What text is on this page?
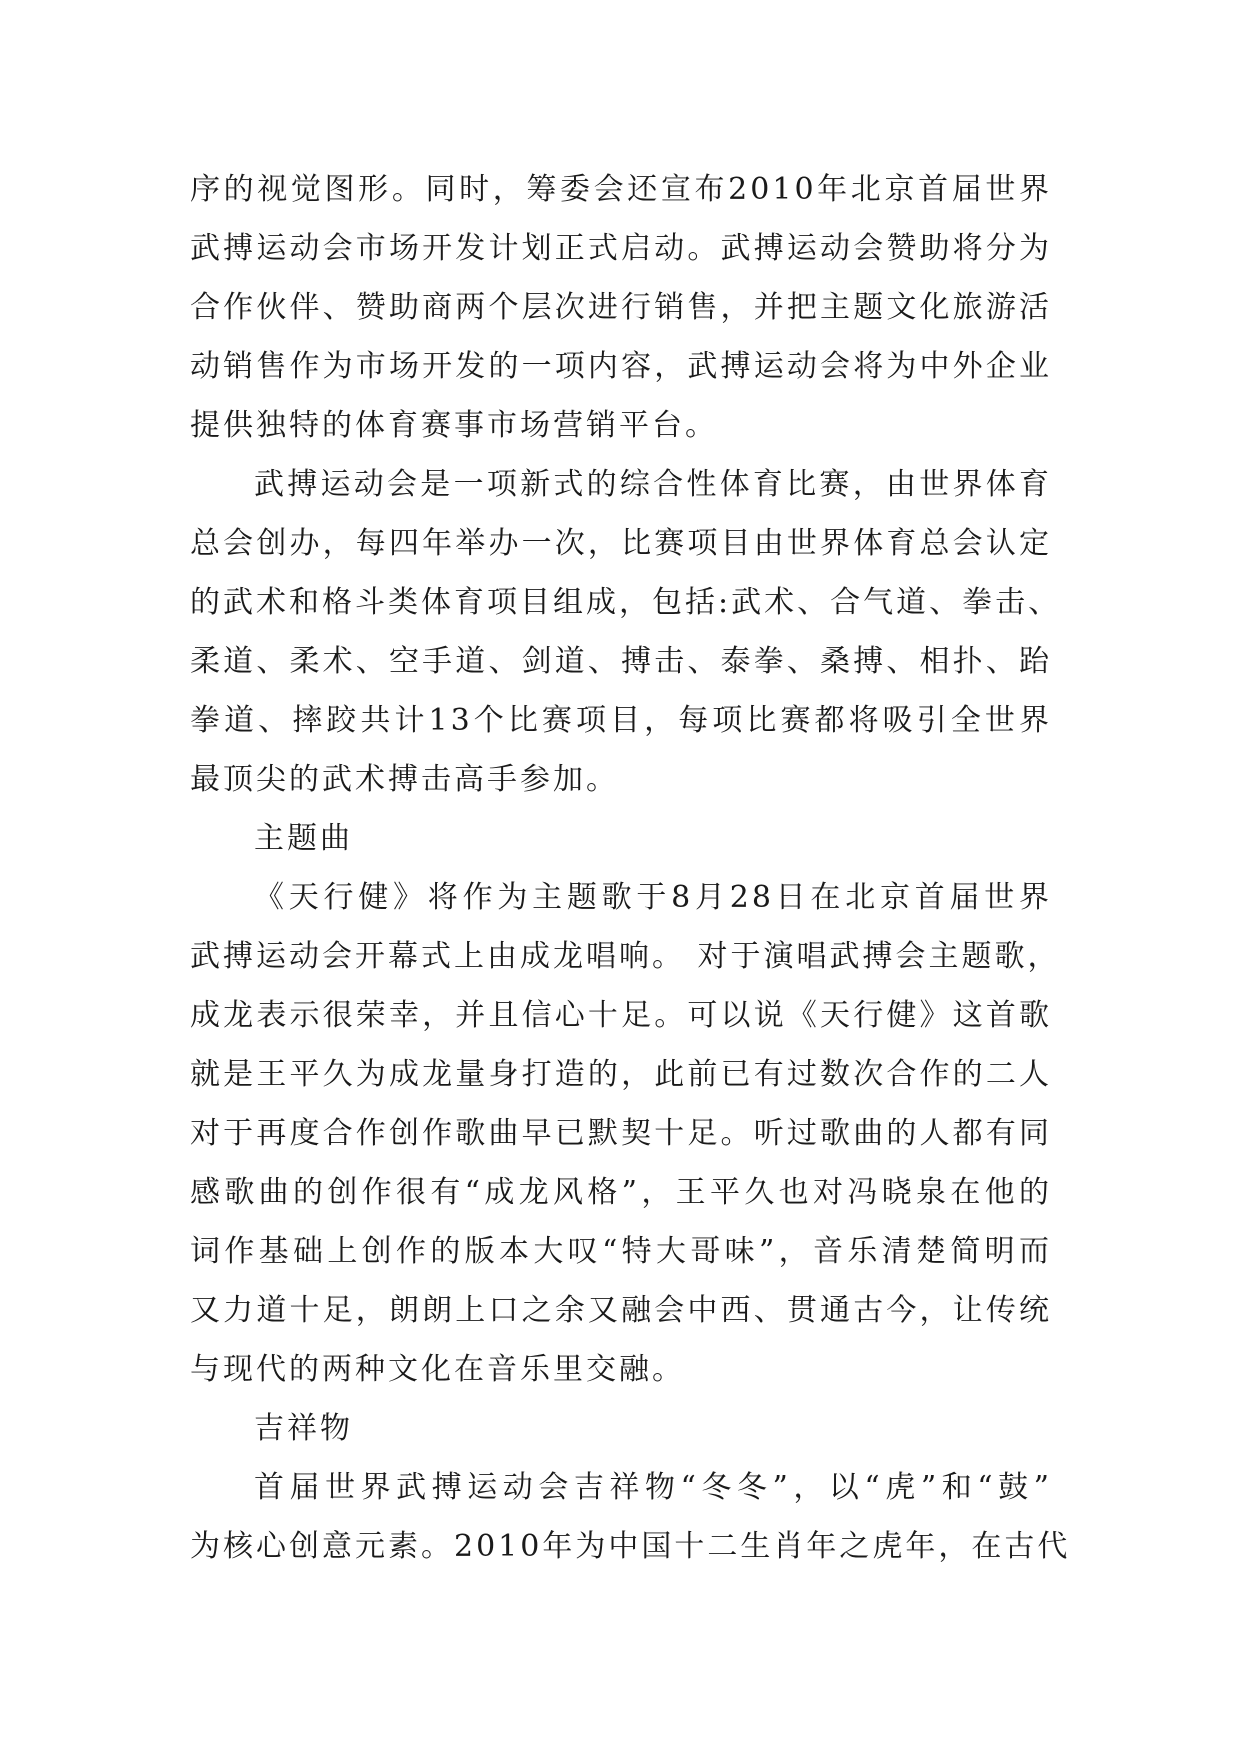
序的视觉图形。同时，筹委会还宣布2010年北京首届世界
武搏运动会市场开发计划正式启动。武搏运动会赞助将分为
合作伙伴、赞助商两个层次进行销售，并把主题文化旅游活
动销售作为市场开发的一项内容，武搏运动会将为中外企业
提供独特的体育赛事市场营销平台。
武搏运动会是一项新式的综合性体育比赛，由世界体育
总会创办，每四年举办一次，比赛项目由世界体育总会认定
的武术和格斗类体育项目组成，包括:武术、合气道、拳击、
柔道、柔术、空手道、剑道、搏击、泰拳、桑搏、相扑、跆
拳道、摔跤共计13个比赛项目，每项比赛都将吸引全世界
最顶尖的武术搏击高手参加。
主题曲
《天行健》将作为主题歌于8月28日在北京首届世界
武搏运动会开幕式上由成龙唱响。 对于演唱武搏会主题歌，
成龙表示很荣幸，并且信心十足。可以说《天行健》这首歌
就是王平久为成龙量身打造的，此前已有过数次合作的二人
对于再度合作创作歌曲早已默契十足。听过歌曲的人都有同
感歌曲的创作很有“成龙风格”，王平久也对冯晓泉在他的
词作基础上创作的版本大叹“特大哥味”，音乐清楚简明而
又力道十足，朗朗上口之余又融会中西、贯通古今，让传统
与现代的两种文化在音乐里交融。
吉祥物
首届世界武搏运动会吉祥物“冬冬”，以“虎”和“鼓”
为核心创意元素。2010年为中国十二生肖年之虎年，在古代
